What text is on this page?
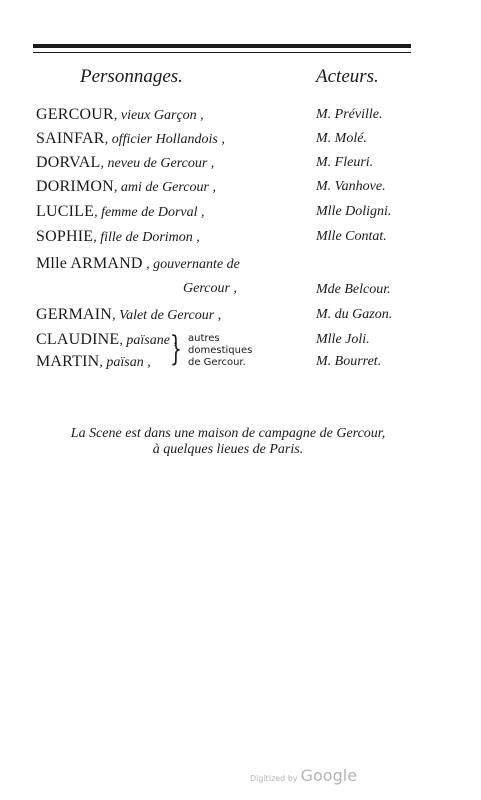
Personnages.	Acteurs.
GERCOUR, vieux Garçon ,	M. Préville.
SAINFAR, officier Hollandois ,	M. Molé.
DORVAL, neveu de Gercour ,	M. Fleuri.
DORIMON, ami de Gercour ,	M. Vanhove.
LUCILE, femme de Dorval ,	Mlle Doligni.
SOPHIE, fille de Dorimon ,	Mlle Contat.
Mlle ARMAND , gouvernante de
Gercour ,	Mde Belcour.
GERMAIN, Valet de Gercour ,	M. du Gazon.
CLAUDINE, païsane ,	Mlle Joli.
MARTIN, païsan ,	M. Bourret.
} autres
domestiques
de Gercour.
La Scene est dans une maison de campagne de Gercour,
à quelques lieues de Paris.
Digitized by Google
